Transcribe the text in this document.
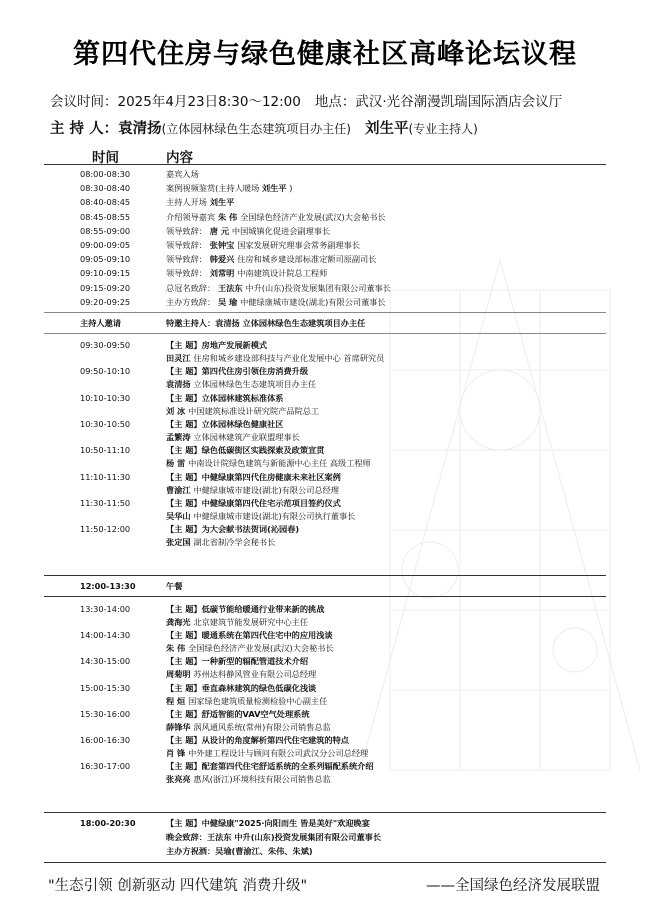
第四代住房与绿色健康社区高峰论坛议程
会议时间：2025年4月23日8:30～12:00 地点：武汉·光谷潮漫凯瑞国际酒店会议厅
主 持 人：袁清扬(立体园林绿色生态建筑项目办主任) 刘生平(专业主持人)
时间	内容
08:00-08:30	嘉宾入场
08:30-08:40	案例视频鉴赏(主持人暖场 刘生平 )
08:40-08:45	主持人开场 刘生平
08:45-08:55	介绍领导嘉宾 朱 伟 全国绿色经济产业发展(武汉)大会秘书长
08:55-09:00	领导致辞： 唐 元 中国城镇化促进会副理事长
09:00-09:05	领导致辞： 张钟宝 国家发展研究理事会常务副理事长
09:05-09:10	领导致辞： 韩爱兴 住房和城乡建设部标准定额司原副司长
09:10-09:15	领导致辞： 刘常明 中南建筑设计院总工程师
09:15-09:20	总冠名致辞： 王法东 中升(山东)投资发展集团有限公司董事长
09:20-09:25	主办方致辞： 吴 瑜 中健绿康城市建设(湖北)有限公司董事长
主持人邀请	特邀主持人：袁清扬 立体园林绿色生态建筑项目办主任
09:30-09:50	【主 题】房地产发展新模式
田灵江 住房和城乡建设部科技与产业化发展中心 首席研究员
09:50-10:10	【主 题】第四代住房引领住房消费升级
袁清扬 立体园林绿色生态建筑项目办主任
10:10-10:30	【主 题】立体园林建筑标准体系
刘 冰 中国建筑标准设计研究院产品院总工
10:30-10:50	【主 题】立体园林绿色健康社区
孟繁涛 立体园林建筑产业联盟理事长
10:50-11:10	【主 题】绿色低碳街区实践探索及政策宣贯
杨 雷 中南设计院绿色建筑与新能源中心主任 高级工程师
11:10-11:30	【主 题】中健绿康第四代住房健康未来社区案例
曹渝江 中健绿康城市建设(湖北)有限公司总经理
11:30-11:50	【主 题】中健绿康第四代住宅示范项目签约仪式
吴华山 中健绿康城市建设(湖北)有限公司执行董事长
11:50-12:00	【主 题】为大会献书法贺词(沁园春)
张定国 湖北省制冷学会秘书长
12:00-13:30	午餐
13:30-14:00	【主 题】低碳节能给暖通行业带来新的挑战
龚海光 北京建筑节能发展研究中心主任
14:00-14:30	【主 题】暖通系统在第四代住宅中的应用浅谈
朱 伟 全国绿色经济产业发展(武汉)大会秘书长
14:30-15:00	【主 题】一种新型的辐配管道技术介绍
周菊明 苏州达科静风管业有限公司总经理
15:00-15:30	【主 题】垂直森林建筑的绿色低碳化浅谈
程 烜 国家绿色建筑质量检测检验中心副主任
15:30-16:00	【主 题】舒适智能的VAV空气处理系统
薛锋华 涡风通风系统(常州)有限公司销售总监
16:00-16:30	【主 题】从设计的角度解析第四代住宅建筑的特点
肖 锋 中外建工程设计与顾问有限公司武汉分公司总经理
16:30-17:00	【主 题】配套第四代住宅舒适系统的全系列辐配系统介绍
张亮亮 惠风(浙江)环境科技有限公司销售总监
18:00-20:30	【主 题】中健绿康"2025·向阳而生 皆是美好"欢迎晚宴
晚会致辞：王法东 中升(山东)投资发展集团有限公司董事长
主办方祝酒：吴瑜(曹渝江、朱伟、朱斌)
"生态引领 创新驱动 四代建筑 消费升级"	——全国绿色经济发展联盟
